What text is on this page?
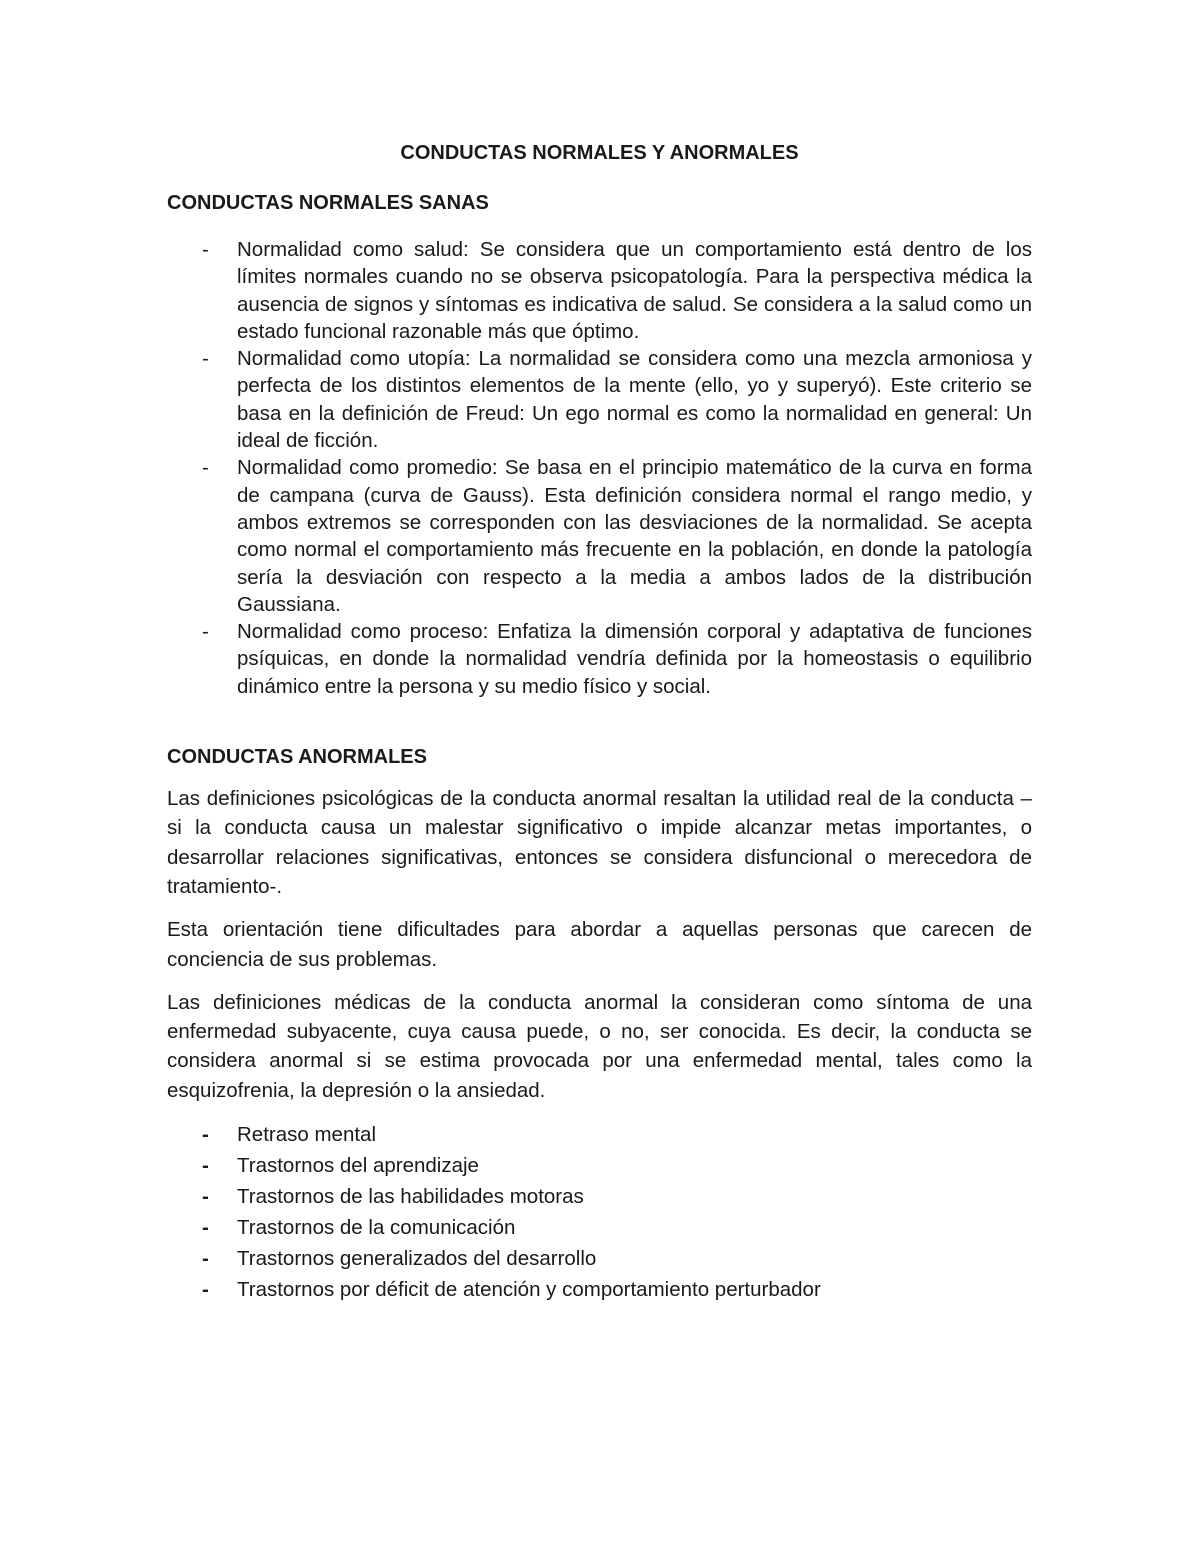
CONDUCTAS NORMALES Y ANORMALES
CONDUCTAS NORMALES SANAS
- Normalidad como salud: Se considera que un comportamiento está dentro de los límites normales cuando no se observa psicopatología. Para la perspectiva médica la ausencia de signos y síntomas es indicativa de salud. Se considera a la salud como un estado funcional razonable más que óptimo.
- Normalidad como utopía: La normalidad se considera como una mezcla armoniosa y perfecta de los distintos elementos de la mente (ello, yo y superyó). Este criterio se basa en la definición de Freud: Un ego normal es como la normalidad en general: Un ideal de ficción.
- Normalidad como promedio: Se basa en el principio matemático de la curva en forma de campana (curva de Gauss). Esta definición considera normal el rango medio, y ambos extremos se corresponden con las desviaciones de la normalidad. Se acepta como normal el comportamiento más frecuente en la población, en donde la patología sería la desviación con respecto a la media a ambos lados de la distribución Gaussiana.
- Normalidad como proceso: Enfatiza la dimensión corporal y adaptativa de funciones psíquicas, en donde la normalidad vendría definida por la homeostasis o equilibrio dinámico entre la persona y su medio físico y social.
CONDUCTAS ANORMALES

Las definiciones psicológicas de la conducta anormal resaltan la utilidad real de la conducta – si la conducta causa un malestar significativo o impide alcanzar metas importantes, o desarrollar relaciones significativas, entonces se considera disfuncional o merecedora de tratamiento-.

Esta orientación tiene dificultades para abordar a aquellas personas que carecen de conciencia de sus problemas.

Las definiciones médicas de la conducta anormal la consideran como síntoma de una enfermedad subyacente, cuya causa puede, o no, ser conocida. Es decir, la conducta se considera anormal si se estima provocada por una enfermedad mental, tales como la esquizofrenia, la depresión o la ansiedad.

- Retraso mental
- Trastornos del aprendizaje
- Trastornos de las habilidades motoras
- Trastornos de la comunicación
- Trastornos generalizados del desarrollo
- Trastornos por déficit de atención y comportamiento perturbador
